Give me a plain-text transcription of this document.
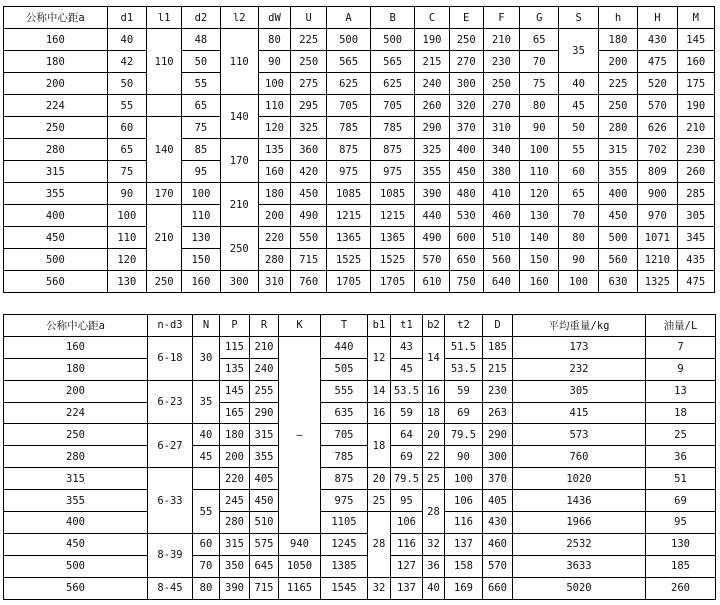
公称中心距a	d1	l1	d2	l2	dW	U	A	B	C	E	F	G	S	h	H	M
160	40	110	48	110	80	225	500	500	190	250	210	65	35	180	430	145
180	42		50		90	250	565	565	215	270	230	70		200	475	160
200	50		55		100	275	625	625	240	300	250	75	40	225	520	175
224	55		65	140	110	295	705	705	260	320	270	80	45	250	570	190
250	60	140	75		120	325	785	785	290	370	310	90	50	280	626	210
280	65		85	170	135	360	875	875	325	400	340	100	55	315	702	230
315	75		95		160	420	975	975	355	450	380	110	60	355	809	260
355	90	170	100	210	180	450	1085	1085	390	480	410	120	65	400	900	285
400	100	210	110		200	490	1215	1215	440	530	460	130	70	450	970	305
450	110		130	250	220	550	1365	1365	490	600	510	140	80	500	1071	345
500	120		150		280	715	1525	1525	570	650	560	150	90	560	1210	435
560	130	250	160	300	310	760	1705	1705	610	750	640	160	100	630	1325	475
公称中心距a	n-d3	N	P	R	K	T	b1	t1	b2	t2	D	平均重量/kg	油量/L
160	6-18	30	115	210	—	440	12	43	14	51.5	185	173	7
180			135	240		505		45		53.5	215	232	9
200	6-23	35	145	255		555	14	53.5	16	59	230	305	13
224			165	290		635	16	59	18	69	263	415	18
250	6-27	40	180	315		705	18	64	20	79.5	290	573	25
280		45	200	355		785		69	22	90	300	760	36
315	6-33		220	405		875	20	79.5	25	100	370	1020	51
355		55	245	450		975	25	95	28	106	405	1436	69
400			280	510		1105	28	106		116	430	1966	95
450	8-39	60	315	575	940	1245		116	32	137	460	2532	130
500		70	350	645	1050	1385		127	36	158	570	3633	185
560	8-45	80	390	715	1165	1545	32	137	40	169	660	5020	260
